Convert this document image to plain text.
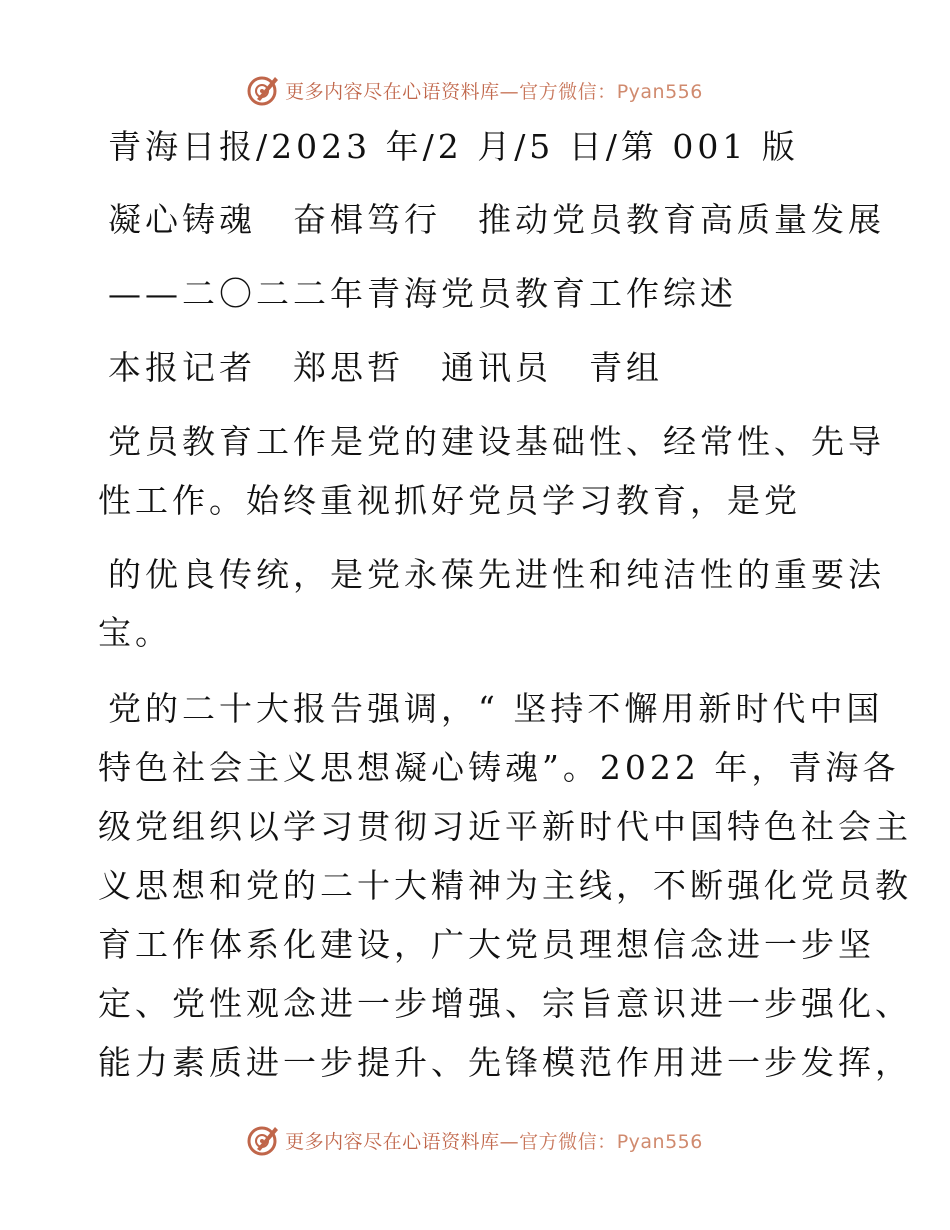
更多内容尽在心语资料库—官方微信：Pyan556
青海日报/2023 年/2 月/5 日/第 001 版
凝心铸魂　奋楫笃行　推动党员教育高质量发展
——二〇二二年青海党员教育工作综述
本报记者　郑思哲　通讯员　青组
党员教育工作是党的建设基础性、经常性、先导
性工作。始终重视抓好党员学习教育，是党
的优良传统，是党永葆先进性和纯洁性的重要法
宝。
党的二十大报告强调，“ 坚持不懈用新时代中国
特色社会主义思想凝心铸魂”。2022 年，青海各
级党组织以学习贯彻习近平新时代中国特色社会主
义思想和党的二十大精神为主线，不断强化党员教
育工作体系化建设，广大党员理想信念进一步坚
定、党性观念进一步增强、宗旨意识进一步强化、
能力素质进一步提升、先锋模范作用进一步发挥，
更多内容尽在心语资料库—官方微信：Pyan556
